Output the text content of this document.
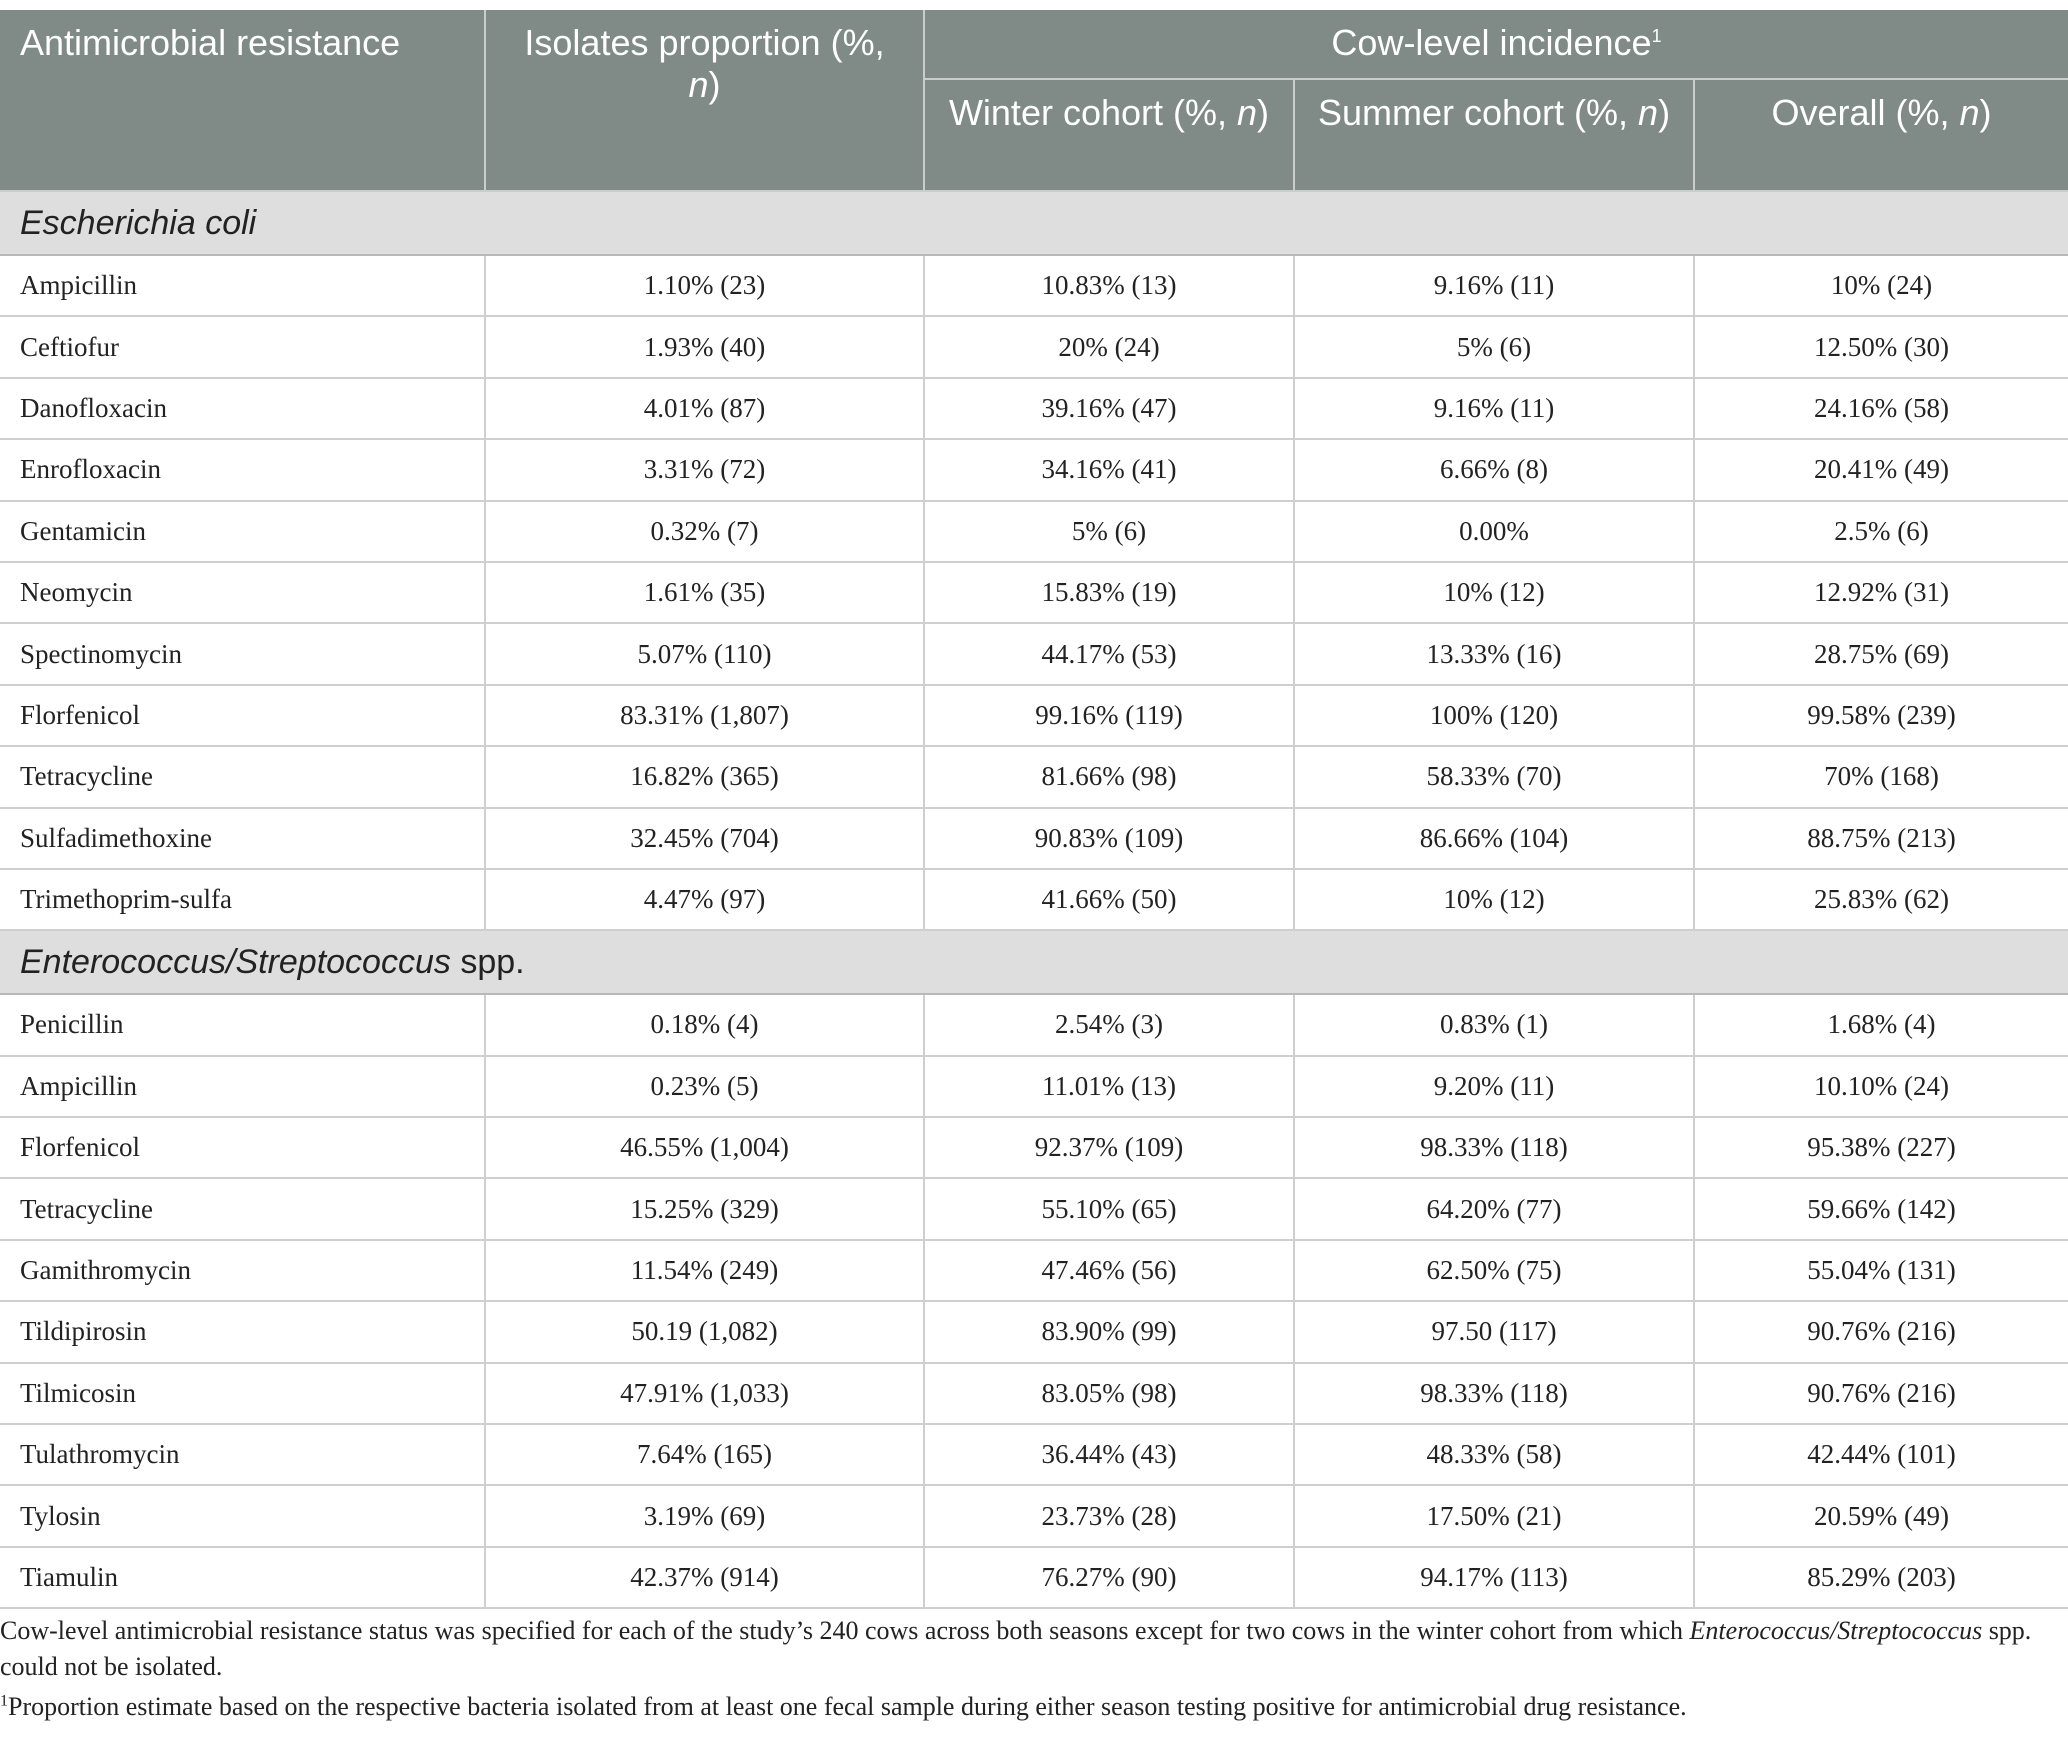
Antimicrobial resistance	Isolates proportion (%, n)	Cow-level incidence$^1$
		Winter cohort (%, n)	Summer cohort (%, n)	Overall (%, n)
Escherichia coli				
Ampicillin	1.10% (23)	10.83% (13)	9.16% (11)	10% (24)
Ceftiofur	1.93% (40)	20% (24)	5% (6)	12.50% (30)
Danofloxacin	4.01% (87)	39.16% (47)	9.16% (11)	24.16% (58)
Enrofloxacin	3.31% (72)	34.16% (41)	6.66% (8)	20.41% (49)
Gentamicin	0.32% (7)	5% (6)	0.00%	2.5% (6)
Neomycin	1.61% (35)	15.83% (19)	10% (12)	12.92% (31)
Spectinomycin	5.07% (110)	44.17% (53)	13.33% (16)	28.75% (69)
Florfenicol	83.31% (1,807)	99.16% (119)	100% (120)	99.58% (239)
Tetracycline	16.82% (365)	81.66% (98)	58.33% (70)	70% (168)
Sulfadimethoxine	32.45% (704)	90.83% (109)	86.66% (104)	88.75% (213)
Trimethoprim-sulfa	4.47% (97)	41.66% (50)	10% (12)	25.83% (62)
Enterococcus/Streptococcus spp.				
Penicillin	0.18% (4)	2.54% (3)	0.83% (1)	1.68% (4)
Ampicillin	0.23% (5)	11.01% (13)	9.20% (11)	10.10% (24)
Florfenicol	46.55% (1,004)	92.37% (109)	98.33% (118)	95.38% (227)
Tetracycline	15.25% (329)	55.10% (65)	64.20% (77)	59.66% (142)
Gamithromycin	11.54% (249)	47.46% (56)	62.50% (75)	55.04% (131)
Tildipirosin	50.19 (1,082)	83.90% (99)	97.50 (117)	90.76% (216)
Tilmicosin	47.91% (1,033)	83.05% (98)	98.33% (118)	90.76% (216)
Tulathromycin	7.64% (165)	36.44% (43)	48.33% (58)	42.44% (101)
Tylosin	3.19% (69)	23.73% (28)	17.50% (21)	20.59% (49)
Tiamulin	42.37% (914)	76.27% (90)	94.17% (113)	85.29% (203)

Cow-level antimicrobial resistance status was specified for each of the study’s 240 cows across both seasons except for two cows in the winter cohort from which Enterococcus/Streptococcus spp. could not be isolated.

$^1$Proportion estimate based on the respective bacteria isolated from at least one fecal sample during either season testing positive for antimicrobial drug resistance.
